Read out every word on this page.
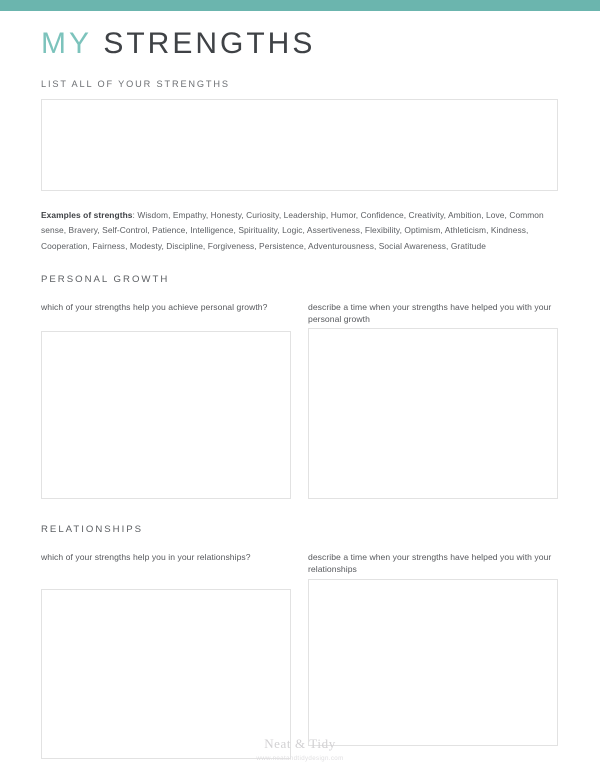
MY STRENGTHS

LIST ALL OF YOUR STRENGTHS

Examples of strengths: Wisdom, Empathy, Honesty, Curiosity, Leadership, Humor, Confidence, Creativity, Ambition, Love, Common sense, Bravery, Self-Control, Patience, Intelligence, Spirituality, Logic, Assertiveness, Flexibility, Optimism, Athleticism, Kindness, Cooperation, Fairness, Modesty, Discipline, Forgiveness, Persistence, Adventurousness, Social Awareness, Gratitude

PERSONAL GROWTH

which of your strengths help you achieve personal growth?	describe a time when your strengths have helped you with your personal growth

RELATIONSHIPS

which of your strengths help you in your relationships?	describe a time when your strengths have helped you with your relationships

Neat & Tidy

www.neatandtidydesign.com
